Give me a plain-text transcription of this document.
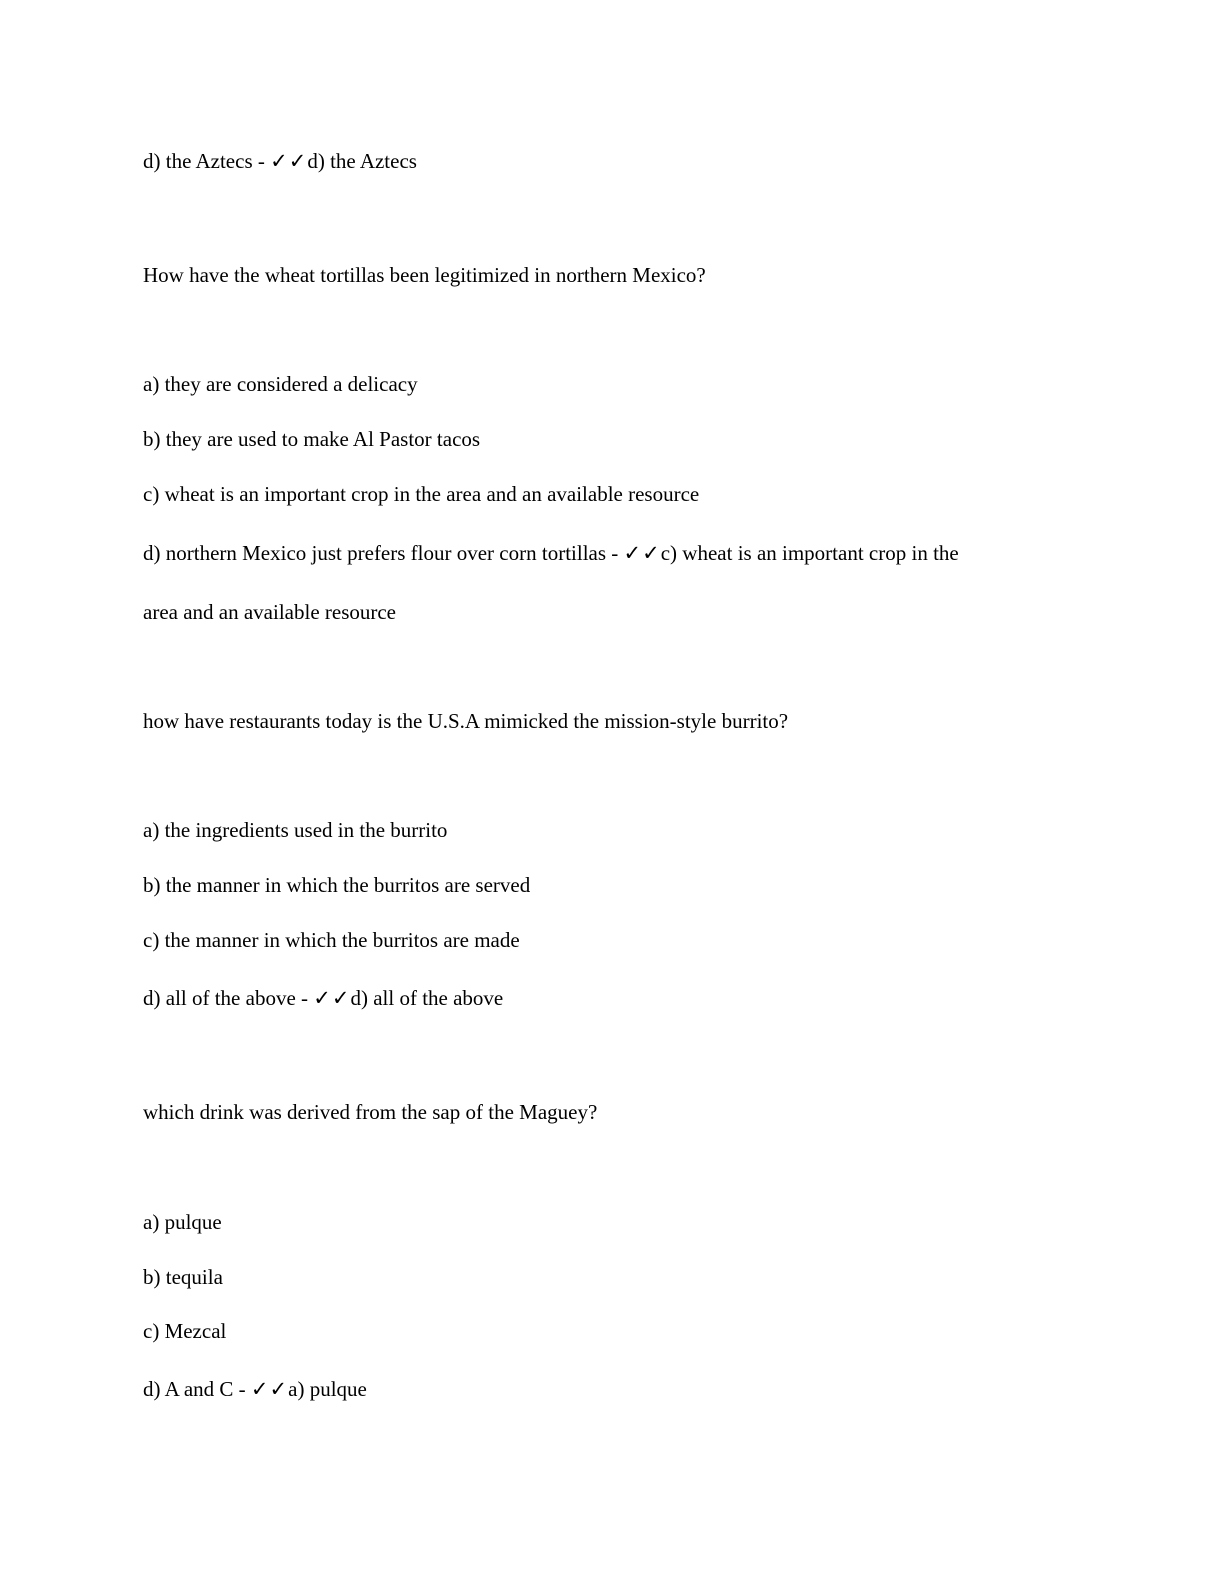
d) the Aztecs - ✓✓d) the Aztecs

How have the wheat tortillas been legitimized in northern Mexico?

a) they are considered a delicacy

b) they are used to make Al Pastor tacos

c) wheat is an important crop in the area and an available resource

d) northern Mexico just prefers flour over corn tortillas - ✓✓c) wheat is an important crop in the

area and an available resource

how have restaurants today is the U.S.A mimicked the mission-style burrito?

a) the ingredients used in the burrito

b) the manner in which the burritos are served

c) the manner in which the burritos are made

d) all of the above - ✓✓d) all of the above

which drink was derived from the sap of the Maguey?

a) pulque

b) tequila

c) Mezcal

d) A and C - ✓✓a) pulque
